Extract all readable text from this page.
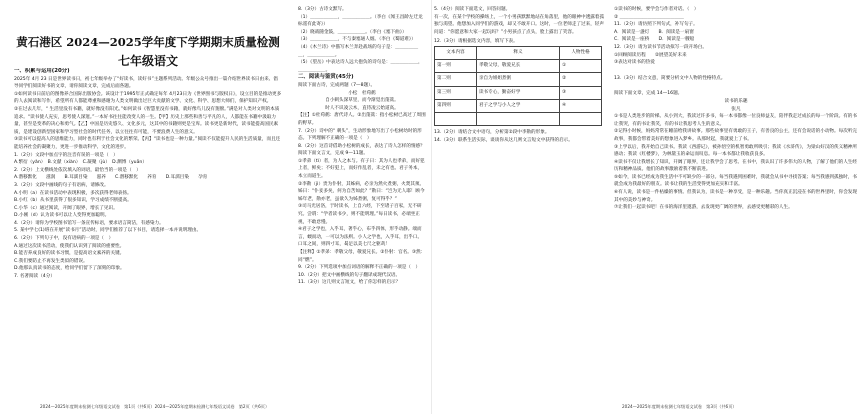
黄石港区 2024—2025学年度下学期期末质量检测
七年级语文

一、积累与运用(20分)

2025年 4月 23 日是世界读书日，初七年级举办了“好读书，读好书”主题系列活动。年级公众号推出一篇介绍世界读书日由来、倡导同学们阅读好书的文章，请你阅读文章，完成后面各题。

①如何读书日前后的图像养合国际出版协会。该设计于1995年正式确定每年 4月23日为《世界图书与版权日》，设立目的是推动更多的人去阅读和写作，希望所有人都能尊重和感谢为人类文明做出过巨大贡献的文学、文化、科学、思想大师们，保护知识产权。

②在过去几年，“ 生活里没有书籍，就好像没有阳光。”如何读书《智慧里没有书籍，就好像鸟儿没有翅膀。”满是对人类对文明的本质追求。“读书使人充实，思考使人深邃。”一本好书往往能改变人的一生。【甲】历史上那些和善与平凡的人，人都能在书籍中汲取力量，甚至是变革的决心和勇气。【乙】中国是历史悠久、文化多元，这其中的书籍则更是宝库。读书更是新时代，读书能提高国民素质，是建设创新型国家和学习型社会的时代任务，以立往往有可能，不要浪费人生的意义。

③读书可以提高人的思维能力，同时也有利于社会文化的繁荣。【丙】“读书也是一种力量。”阅读不仅能提升人民的生活质量，而且还能培养社会的凝聚力，更进一步推动科学、文化的进步。

1.（2分）文段中加点字的注音有误的一项是（　）

A.繁衍（yǎn）　B.文献（xiàn）　C.凝聚（jù）　D.渊博（yuān）

2.（2分）上文横线处依次填入的词语，最恰当的一项是（　）

A.潜移默化　　滋润　　B.耳濡目染　　滋养　　C.潜移默化　　养育　　D.耳濡目染　　孕育

3.（2分）文段中画线的句子有语病，请修改。

A.小明（a）在读书活动中表现积极，多次获得老师表扬。

B.小红（b）从书里获得了很多知识，学习成绩不断提高。

C.小华（c）通过阅读，开阔了眼界，增长了见识。

D.小刚（d）认为读书可以让人变得更加聪明。

4.（2分）请你为学校图书馆写一条宣传标语，要求语言简洁，有感染力。

5. 某中学七(1)班在开展“读书月”活动时，同学们推荐了以下书目，请选择一本并说明理由。

6.（2分）下列句子中，没有语病的一项是（　）

A.通过这次读书活动，使我们认识到了阅读的重要性。

B.能否养成良好的读书习惯，是提高语文素养的关键。

C.我们要防止不再发生类似的错误。

D.他那认真读书的态度，给同学们留下了深刻的印象。

7. 名著阅读（4分）

8.（3分）古诗文默写。

（1）＿＿＿＿＿＿，＿＿＿＿＿＿。（李白《闻王昌龄左迁龙标遥有此寄》）

（2）晓战随金鼓，＿＿＿＿＿＿。（李白《塞下曲》）

（3）＿＿＿＿＿＿，不与秦塞通人烟。（李白《蜀道难》）

（4）《木兰诗》中描写木兰奔赴战场的句子是：＿＿＿＿＿＿，＿＿＿＿＿＿。

（5）《望岳》中表达诗人远大抱负的诗句是：＿＿＿＿＿＿，＿＿＿＿＿＿。

二、阅读与鉴赏(45分)

阅读下面古诗，完成两题（7—8题）。

小松　杜荀鹤

自小刺头深草里，而今渐觉出蓬蒿。

时人不识凌云木，直待凌云始道高。

【注】①杜荀鹤：唐代诗人。②出蓬蒿：指小松树已高过了周围的野草。

7.（2分）诗中的“ 刺头”，生动形象地写出了小松树幼时的形态。下列理解不正确的一项是（　）

8.（2分）这首诗借助小松树的成长，表达了诗人怎样的情感？

阅读下面文言文，完成 9—11题。

①孝弟（tì）者，为人之本与。有子曰：其为人也孝弟，而好犯上者，鲜矣；不好犯上，而好作乱者，未之有也。君子务本，本立而道生。

②李勣（jì）贵为仆射，其姊病，必亲为然火煮粥，火焚其须。姊曰：“仆妾多矣，何为自苦如此？”勣曰：“岂为无人耶！顾今姊年老，勣亦老，虽欲久为姊煮粥，复可得乎？”

③司马光居洛，于时读书，上自六经，下至诸子百家，无不研究。尝谓：“学者读书少，则不能明理。”每日读书，必端坐正视，不敢怠慢。

④君子之学也，入乎耳，著乎心，布乎四体，形乎动静。端而言，蝡而动，一可以为法则。小人之学也，入乎耳，出乎口。口耳之间，则四寸耳，曷足以美七尺之躯哉！

【注释】①孝弟：孝敬父母，敬爱兄长。②仆射：官名。③然：同“燃”。

9.（2分）下列选项中加点词语的解释不正确的一项是（　）

10.（2分）把文中画横线的句子翻译成现代汉语。

11.（3分）这几则文言短文，给了你怎样的启示？

2024—2025年度期末检测七年级语文试卷　第1页（共6页）2024—2025年度期末检测七年级语文试卷　第2页（共6页）

5.（4分）阅读下面选文，回答问题。

有一次，在某个学校的操场上，一个小男孩默默地站在角落里，他的眼神中透露着孤独与渴望。他想加入同学们的游戏，却又不敢开口。这时，一位老师走了过来，轻声问道：“你愿意和大家一起玩吗？”小男孩点了点头，脸上露出了笑容。

12.（3分）请根据选文内容，填写下表。

文本内容	释义	人物性格
第一则	孝敬父母，敬爱兄长	①
第二则	亲自为姐姐煮粥	②
第三则	读书专心，勤奋好学	③
第四则	君子之学与小人之学	④

13.（2分）请结合文中语句，分析第②段中李勣的形象。

14.（3分）联系生活实际，谈谈你从这几则文言短文中获得的启示。

①读书的时候，要学会与作者对话。（　）

② ＿＿＿＿＿＿＿＿＿＿＿＿＿＿

11.（2分）请仿照下列句式，补写句子。

A．阅读是一盏灯　　B．阅读是一扇窗

C．阅读是一座桥　　D．阅读是一艘船

12.（3分）请为读书节活动拟写一段开场白。

①回顾阅读历程　　②展望美好未来

③表达对读书的热爱

13.（3分）结合文意，简要分析文中人物的性格特点。

阅读下面文章，完成 14—16题。

读书的乐趣

张凡

①书是人类进步的阶梯。从小到大，我读过许多书，每一本书都像一位良师益友，陪伴我走过成长的每一个阶段。有的书让我哭，有的书让我笑，有的书让我思考人生的意义。

②记得小时候，妈妈常常在睡前给我讲故事。那些故事里有勇敢的王子，有善良的公主，还有会说话的小动物。每次听完故事，我都会带着美好的想象进入梦乡。从那时起，我就爱上了书。

③上学以后，我开始自己读书。我读《西游记》，被孙悟空的机智勇敢所吸引；我读《水浒传》，为梁山好汉的侠义精神所感动；我读《红楼梦》，为林黛玉的命运而叹息。每一本书都让我收获良多。

④读书不仅让我增长了知识，开阔了眼界，还让我学会了思考。在书中，我认识了许多伟大的人物，了解了他们的人生经历和精神品质。他们的故事激励着我不断前进。

⑤如今，读书已经成为我生活中不可缺少的一部分。每当我遇到困难时，我就会从书中寻找答案；每当我感到孤独时，书就会成为我最好的朋友。读书让我的生活变得更加充实和丰富。

⑥有人说，读书是一件枯燥的事情。但我认为，读书是一种享受，是一种乐趣。当你真正沉浸在书的世界里时，你会发现其中的美妙与神奇。

⑦让我们一起读书吧！在书的海洋里遨游，去发现更广阔的世界，去感受更精彩的人生。

2024—2025年度期末检测七年级语文试卷　第3页（共6页）
